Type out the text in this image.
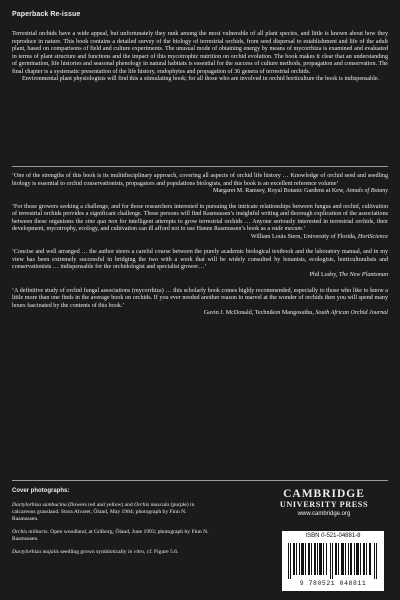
Paperback Re-issue

Terrestrial orchids have a wide appeal, but unfortunately they rank among the most vulnerable of all plant species, and little is known about how they reproduce in nature. This book contains a detailed survey of the biology of terrestrial orchids, from seed dispersal to establishment and life of the adult plant, based on comparisons of field and culture experiments. The unusual mode of obtaining energy by means of mycorrhiza is examined and evaluated in terms of plant structure and functions and the impact of this mycotrophic nutrition on orchid evolution. The book makes it clear that an understanding of germination, life histories and seasonal phenology in natural habitats is essential for the success of culture methods, propagation and conservation. The final chapter is a systematic presentation of the life history, endophytes and propagation of 36 genera of terrestrial orchids.

Environmental plant physiologists will find this a stimulating book; for all those who are involved in orchid horticulture the book is indispensable.

‘One of the strengths of this book is its multidisciplinary approach, covering all aspects of orchid life history … Knowledge of orchid seed and seedling biology is essential to orchid conservationists, propagators and populations biologists, and this book is an excellent reference volume’

Margaret M. Ramsey, Royal Botanic Gardens at Kew, Annals of Botany

‘For those growers seeking a challenge, and for those researchers interested in pursuing the intricate relationships between fungus and orchid, cultivation of terrestrial orchids provides a significant challenge. Those persons will find Rasmussen’s insightful writing and thorough explication of the associations between these organisms the sine qua non for intelligent attempts to grow terrestrial orchids … Anyone seriously interested in terrestrial orchids, their development, mycotrophy, ecology, and cultivation can ill afford not to use Hanne Rasmussen’s book as a vade mecum.’

William Louis Stern, University of Florida, HortScience

‘Concise and well arranged … the author steers a careful course between the purely academic biological textbook and the laboratory manual, and in my view has been extremely successful in bridging the two with a work that will be widely consulted by botanists, ecologists, horticulturalists and conservationists … indispensable for the orchidologist and specialist grower…’

Phil Lusby, The New Plantsman

‘A definitive study of orchid fungal associations (mycorrhiza) … this scholarly book comes highly recommended, especially to those who like to know a little more than one finds in the average book on orchids. If you ever needed another reason to marvel at the wonder of orchids then you will spend many hours fascinated by the contents of this book.’

Gavin J. McDonald, Technikon Mangosuthu, South African Orchid Journal

Cover photographs:

Dactylorhiza sambucina (flowers red and yellow) and Orchis mascula (purple) in calcareous grassland. Stora Alvaret, Öland, May 1984; photograph by Finn N. Rasmussen.

Orchis militaris. Open woodland, at Gråborg, Öland, June 1993; photograph by Finn N. Rasmussen.

Dactylorhiza majalis seedling grown symbiotically in vitro, cf. Figure 5.6.

CAMBRIDGE
UNIVERSITY PRESS
www.cambridge.org
ISBN 0-521-04881-8
9 780521 048811
